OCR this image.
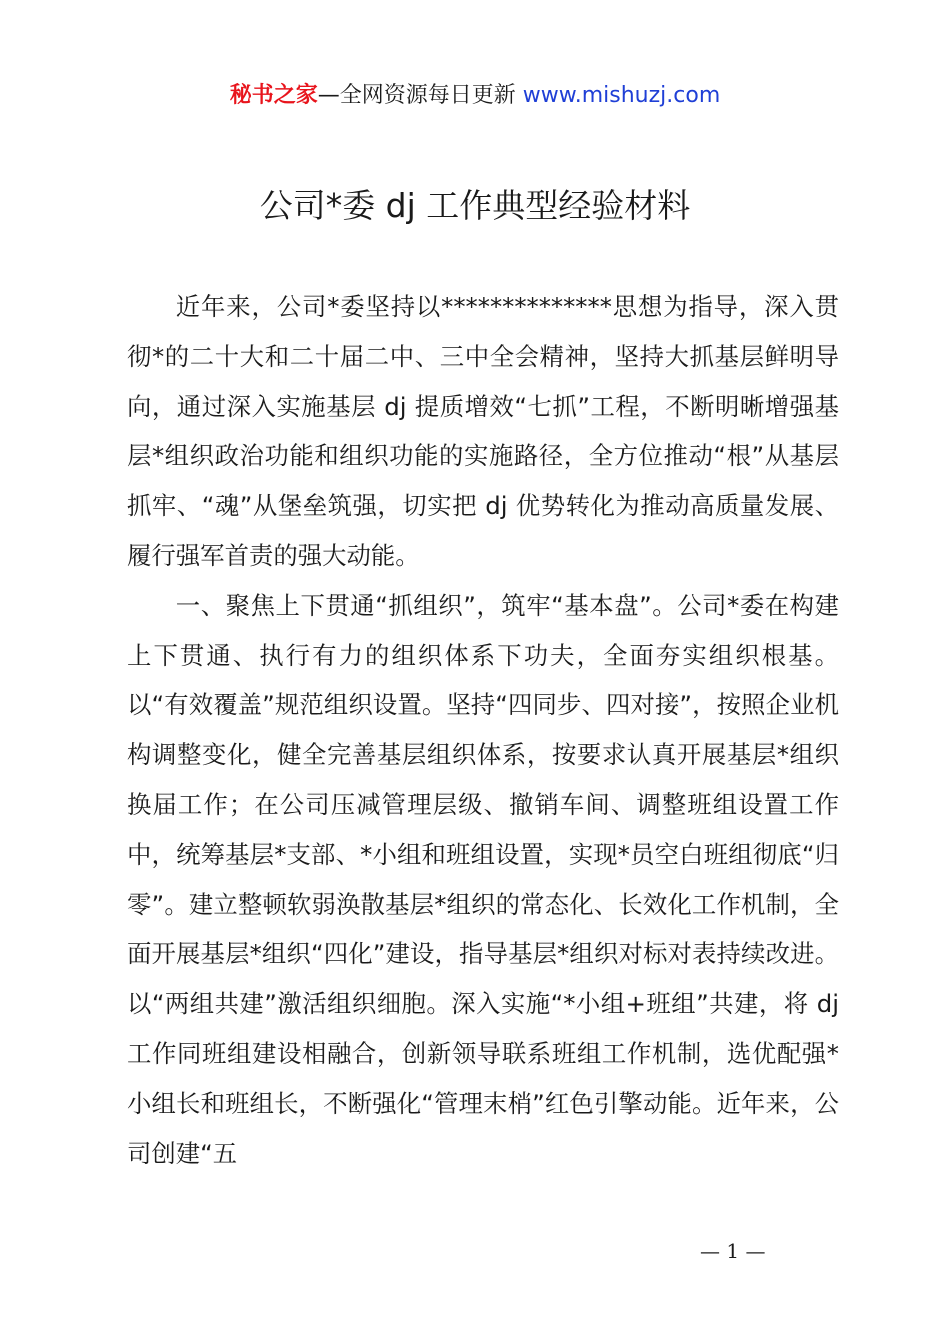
秘书之家—全网资源每日更新 www.mishuzj.com
公司*委 dj 工作典型经验材料

近年来，公司*委坚持以**************思想为指导，深入贯彻*的二十大和二十届二中、三中全会精神，坚持大抓基层鲜明导向，通过深入实施基层 dj 提质增效“七抓”工程，不断明晰增强基层*组织政治功能和组织功能的实施路径，全方位推动“根”从基层抓牢、“魂”从堡垒筑强，切实把 dj 优势转化为推动高质量发展、履行强军首责的强大动能。

一、聚焦上下贯通“抓组织”，筑牢“基本盘”。公司*委在构建上下贯通、执行有力的组织体系下功夫，全面夯实组织根基。以“有效覆盖”规范组织设置。坚持“四同步、四对接”，按照企业机构调整变化，健全完善基层组织体系，按要求认真开展基层*组织换届工作；在公司压减管理层级、撤销车间、调整班组设置工作中，统筹基层*支部、*小组和班组设置，实现*员空白班组彻底“归零”。建立整顿软弱涣散基层*组织的常态化、长效化工作机制，全面开展基层*组织“四化”建设，指导基层*组织对标对表持续改进。以“两组共建”激活组织细胞。深入实施“*小组+班组”共建，将 dj 工作同班组建设相融合，创新领导联系班组工作机制，选优配强*小组长和班组长，不断强化“管理末梢”红色引擎动能。近年来，公司创建“五

— 1 —
